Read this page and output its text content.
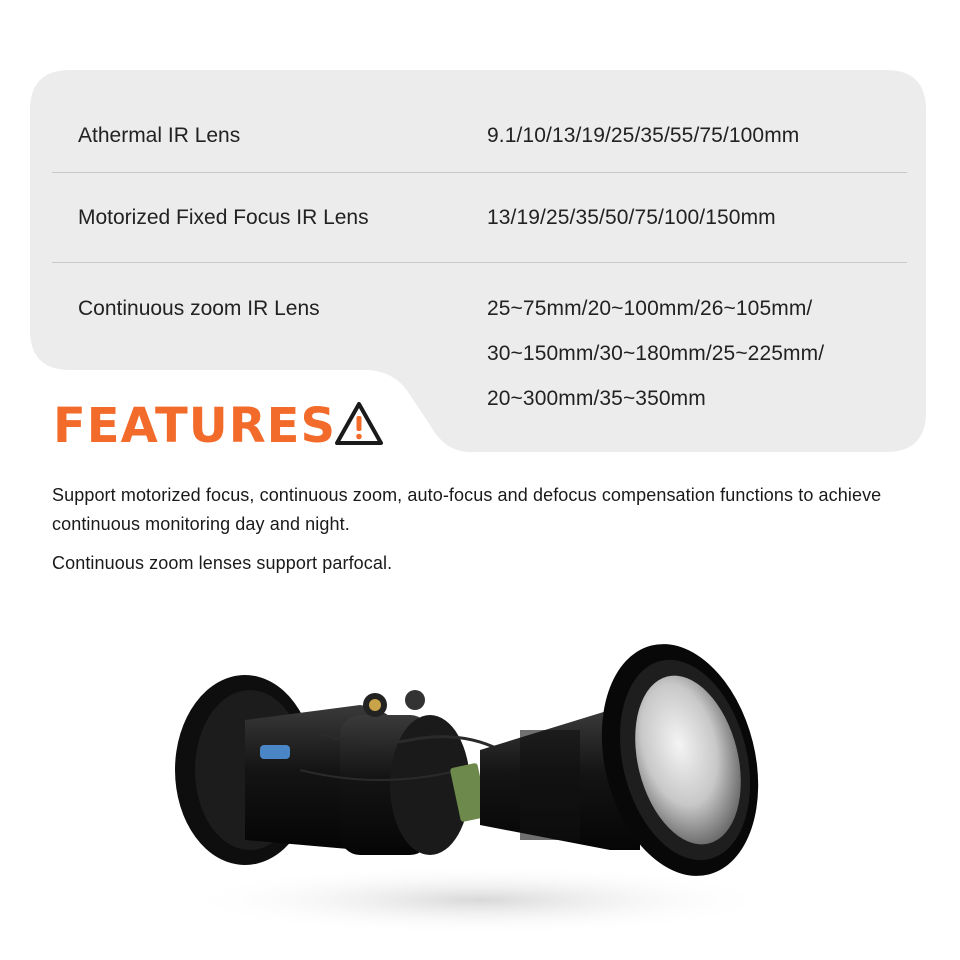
Athermal IR Lens	9.1/10/13/19/25/35/55/75/100mm
Motorized Fixed Focus IR Lens	13/19/25/35/50/75/100/150mm
Continuous zoom IR Lens	25~75mm/20~100mm/26~105mm/
30~150mm/30~180mm/25~225mm/
20~300mm/35~350mm
FEATURES
Support motorized focus, continuous zoom, auto-focus and defocus compensation functions to achieve continuous monitoring day and night.
Continuous zoom lenses support parfocal.
